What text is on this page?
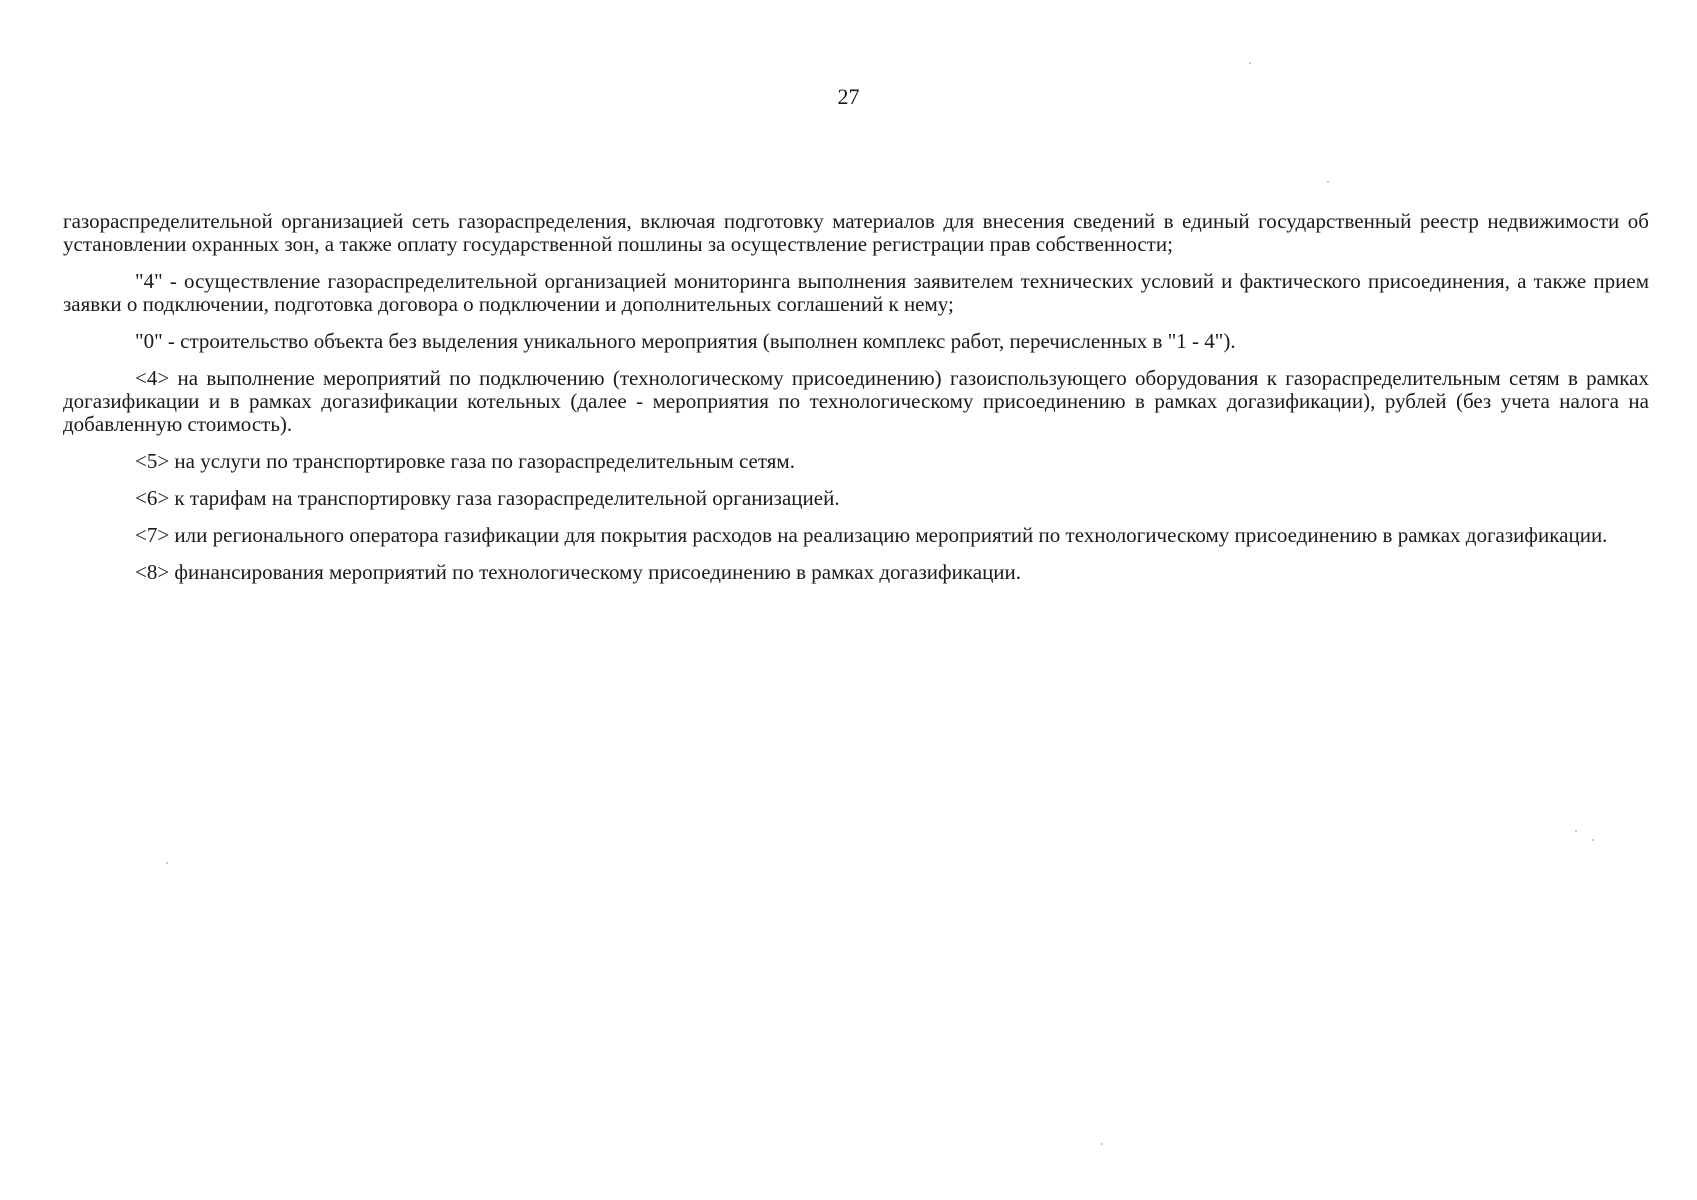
27

газораспределительной организацией сеть газораспределения, включая подготовку материалов для внесения сведений в единый государственный реестр недвижимости об установлении охранных зон, а также оплату государственной пошлины за осуществление регистрации прав собственности;

"4" - осуществление газораспределительной организацией мониторинга выполнения заявителем технических условий и фактического присоединения, а также прием заявки о подключении, подготовка договора о подключении и дополнительных соглашений к нему;

"0" - строительство объекта без выделения уникального мероприятия (выполнен комплекс работ, перечисленных в "1 - 4").

<4> на выполнение мероприятий по подключению (технологическому присоединению) газоиспользующего оборудования к газораспределительным сетям в рамках догазификации и в рамках догазификации котельных (далее - мероприятия по технологическому присоединению в рамках догазификации), рублей (без учета налога на добавленную стоимость).

<5> на услуги по транспортировке газа по газораспределительным сетям.

<6> к тарифам на транспортировку газа газораспределительной организацией.

<7> или регионального оператора газификации для покрытия расходов на реализацию мероприятий по технологическому присоединению в рамках догазификации.

<8> финансирования мероприятий по технологическому присоединению в рамках догазификации.
